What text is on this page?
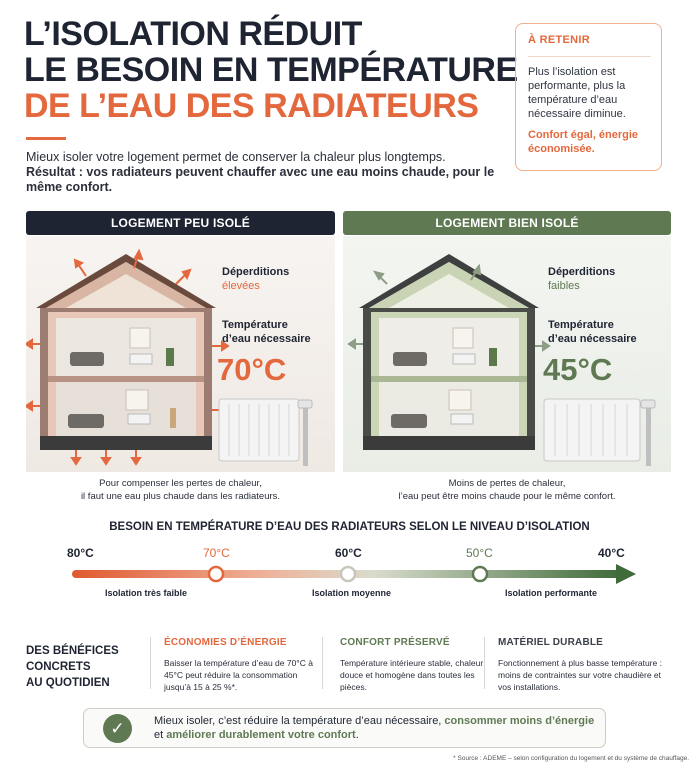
L’ISOLATION RÉDUIT
LE BESOIN EN TEMPÉRATURE
DE L’EAU DES RADIATEURS
Mieux isoler votre logement permet de conserver la chaleur plus longtemps.
Résultat : vos radiateurs peuvent chauffer avec une eau moins chaude, pour le même confort.
À RETENIR
Plus l’isolation est performante, plus la température d’eau nécessaire diminue.
Confort égal, énergie économisée.
LOGEMENT PEU ISOLÉ	LOGEMENT BIEN ISOLÉ
Déperditions
élevées
Température
d’eau nécessaire
70°C
Pour compenser les pertes de chaleur,
il faut une eau plus chaude dans les radiateurs.
Déperditions
faibles
Température
d’eau nécessaire
45°C
Moins de pertes de chaleur,
l’eau peut être moins chaude pour le même confort.
BESOIN EN TEMPÉRATURE D’EAU DES RADIATEURS SELON LE NIVEAU D’ISOLATION
80°C	70°C	60°C	50°C	40°C
Isolation très faible	Isolation moyenne	Isolation performante
DES BÉNÉFICES
CONCRETS
AU QUOTIDIEN
ÉCONOMIES D’ÉNERGIE
Baisser la température d’eau de 70°C à 45°C peut réduire la consommation jusqu’à 15 à 25 %*.
CONFORT PRÉSERVÉ
Température intérieure stable, chaleur douce et homogène dans toutes les pièces.
MATÉRIEL DURABLE
Fonctionnement à plus basse température : moins de contraintes sur votre chaudière et vos installations.
Mieux isoler, c’est réduire la température d’eau nécessaire, consommer moins d’énergie
et améliorer durablement votre confort.
✓
* Source : ADEME – selon configuration du logement et du système de chauffage.
